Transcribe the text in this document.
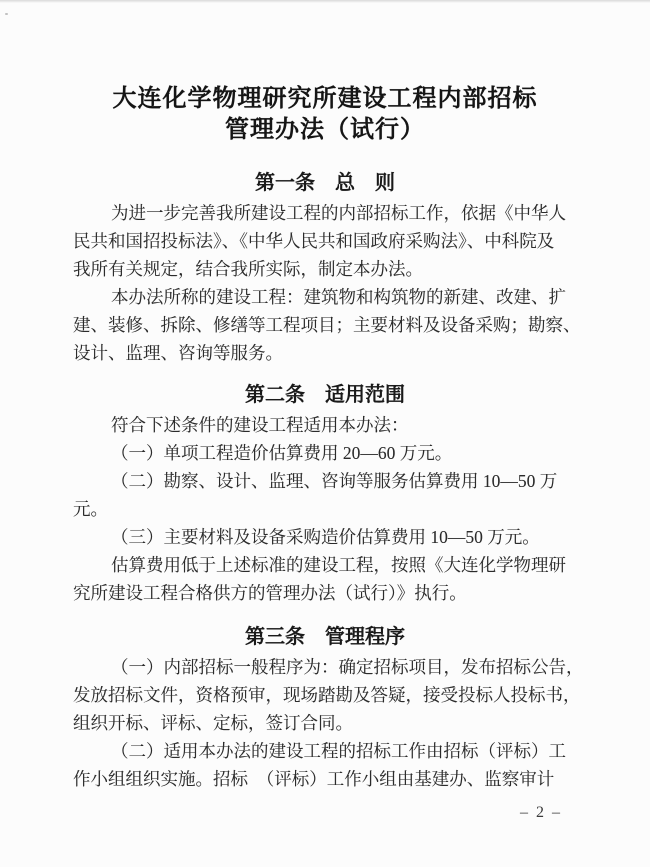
大连化学物理研究所建设工程内部招标
管理办法（试行）
第一条　总　则
为进一步完善我所建设工程的内部招标工作，依据《中华人
民共和国招投标法》、《中华人民共和国政府采购法》、中科院及
我所有关规定，结合我所实际，制定本办法。
本办法所称的建设工程：建筑物和构筑物的新建、改建、扩
建、装修、拆除、修缮等工程项目；主要材料及设备采购；勘察、
设计、监理、咨询等服务。
第二条　适用范围
符合下述条件的建设工程适用本办法：
（一）单项工程造价估算费用 20—60 万元。
（二）勘察、设计、监理、咨询等服务估算费用 10—50 万
元。
（三）主要材料及设备采购造价估算费用 10—50 万元。
估算费用低于上述标准的建设工程，按照《大连化学物理研
究所建设工程合格供方的管理办法（试行）》执行。
第三条　管理程序
（一）内部招标一般程序为：确定招标项目，发布招标公告，
发放招标文件，资格预审，现场踏勘及答疑，接受投标人投标书，
组织开标、评标、定标，签订合同。
（二）适用本办法的建设工程的招标工作由招标（评标）工
作小组组织实施。招标　（评标）工作小组由基建办、监察审计
– 2 –
